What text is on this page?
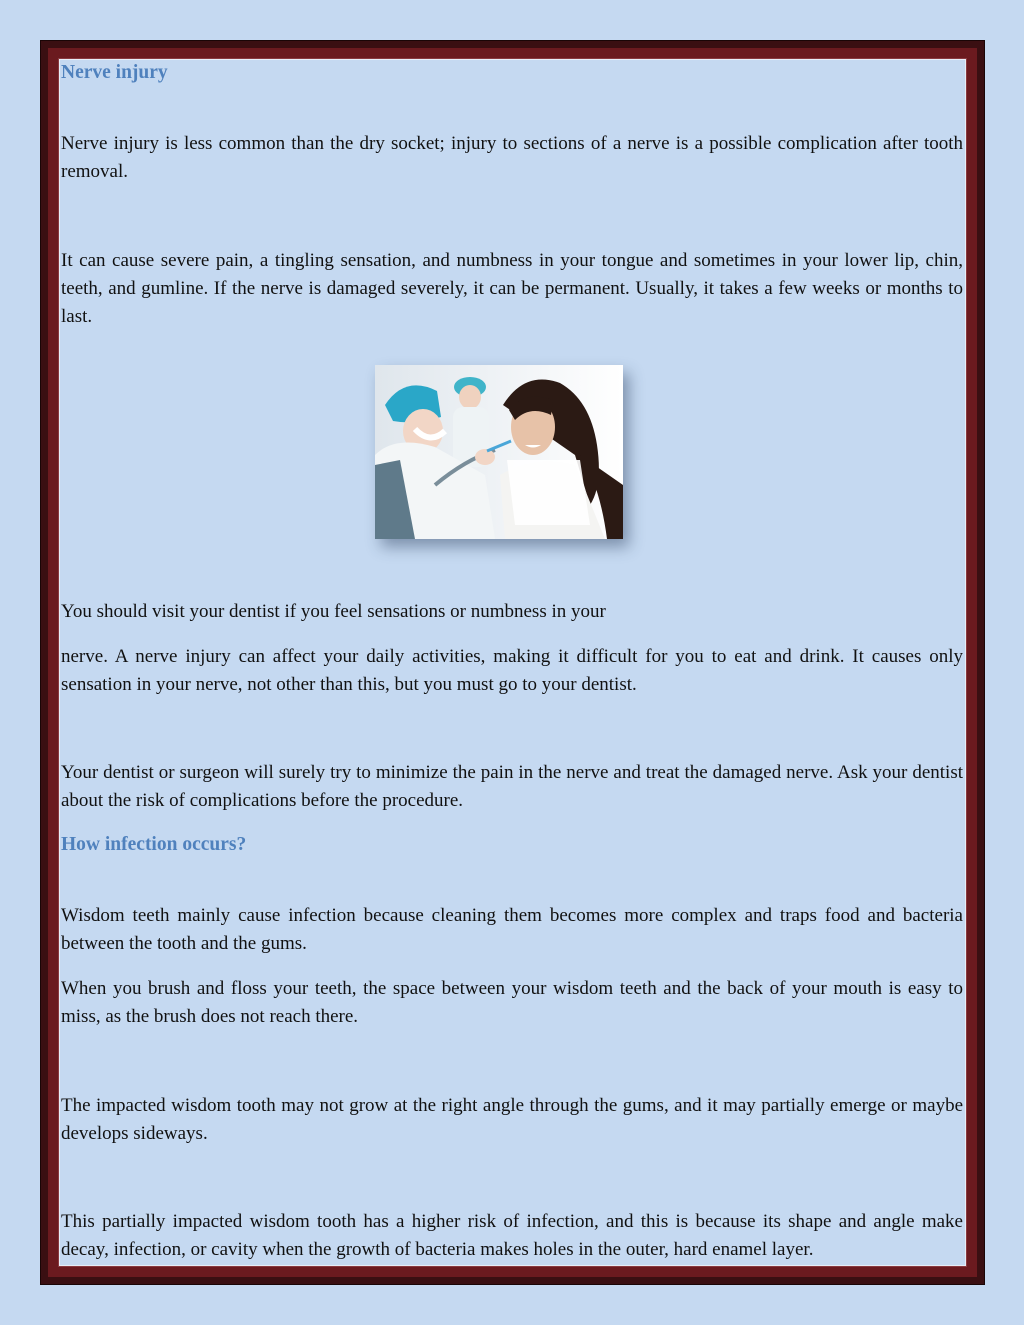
Nerve injury

Nerve injury is less common than the dry socket; injury to sections of a nerve is a possible complication after tooth removal.

It can cause severe pain, a tingling sensation, and numbness in your tongue and sometimes in your lower lip, chin, teeth, and gumline. If the nerve is damaged severely, it can be permanent. Usually, it takes a few weeks or months to last.

You should visit your dentist if you feel sensations or numbness in your

nerve. A nerve injury can affect your daily activities, making it difficult for you to eat and drink. It causes only sensation in your nerve, not other than this, but you must go to your dentist.

Your dentist or surgeon will surely try to minimize the pain in the nerve and treat the damaged nerve. Ask your dentist about the risk of complications before the procedure.

How infection occurs?

Wisdom teeth mainly cause infection because cleaning them becomes more complex and traps food and bacteria between the tooth and the gums.

When you brush and floss your teeth, the space between your wisdom teeth and the back of your mouth is easy to miss, as the brush does not reach there.

The impacted wisdom tooth may not grow at the right angle through the gums, and it may partially emerge or maybe develops sideways.

This partially impacted wisdom tooth has a higher risk of infection, and this is because its shape and angle make decay, infection, or cavity when the growth of bacteria makes holes in the outer, hard enamel layer.
